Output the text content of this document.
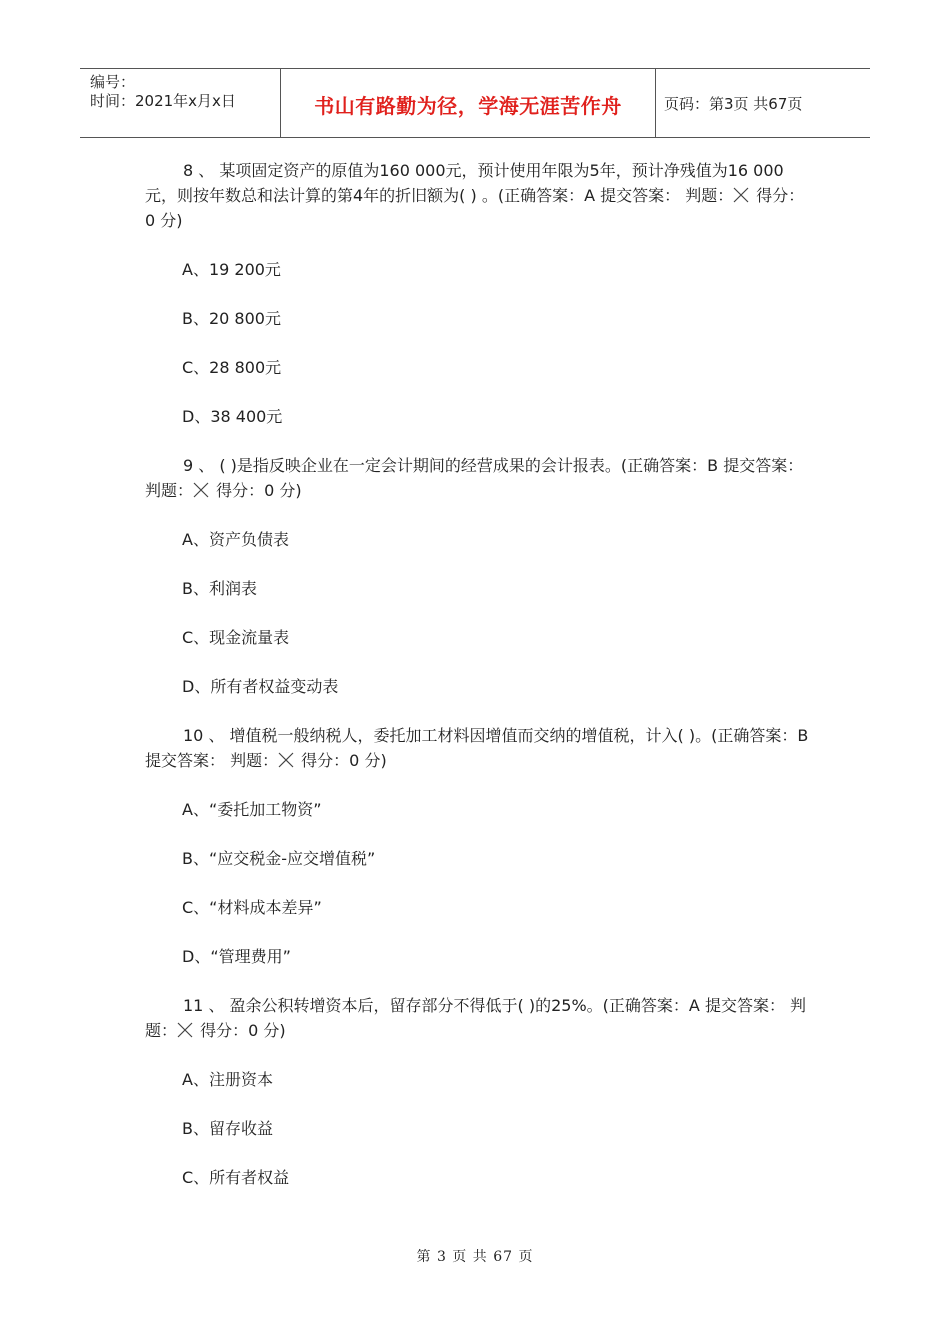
编号：
时间：2021年x月x日	书山有路勤为径，学海无涯苦作舟	页码：第3页 共67页

8 、 某项固定资产的原值为160 000元，预计使用年限为5年，预计净残值为16 000元，则按年数总和法计算的第4年的折旧额为( ) 。(正确答案：A 提交答案： 判题： 得分：0 分)

A、19 200元

B、20 800元

C、28 800元

D、38 400元

9 、 ( )是指反映企业在一定会计期间的经营成果的会计报表。(正确答案：B 提交答案： 判题： 得分：0 分)

A、资产负债表

B、利润表

C、现金流量表

D、所有者权益变动表

10 、 增值税一般纳税人，委托加工材料因增值而交纳的增值税，计入( )。(正确答案：B 提交答案： 判题： 得分：0 分)

A、“委托加工物资”

B、“应交税金-应交增值税”

C、“材料成本差异”

D、“管理费用”

11 、 盈余公积转增资本后，留存部分不得低于( )的25%。(正确答案：A 提交答案： 判题： 得分：0 分)

A、注册资本

B、留存收益

C、所有者权益

第 3 页 共 67 页
